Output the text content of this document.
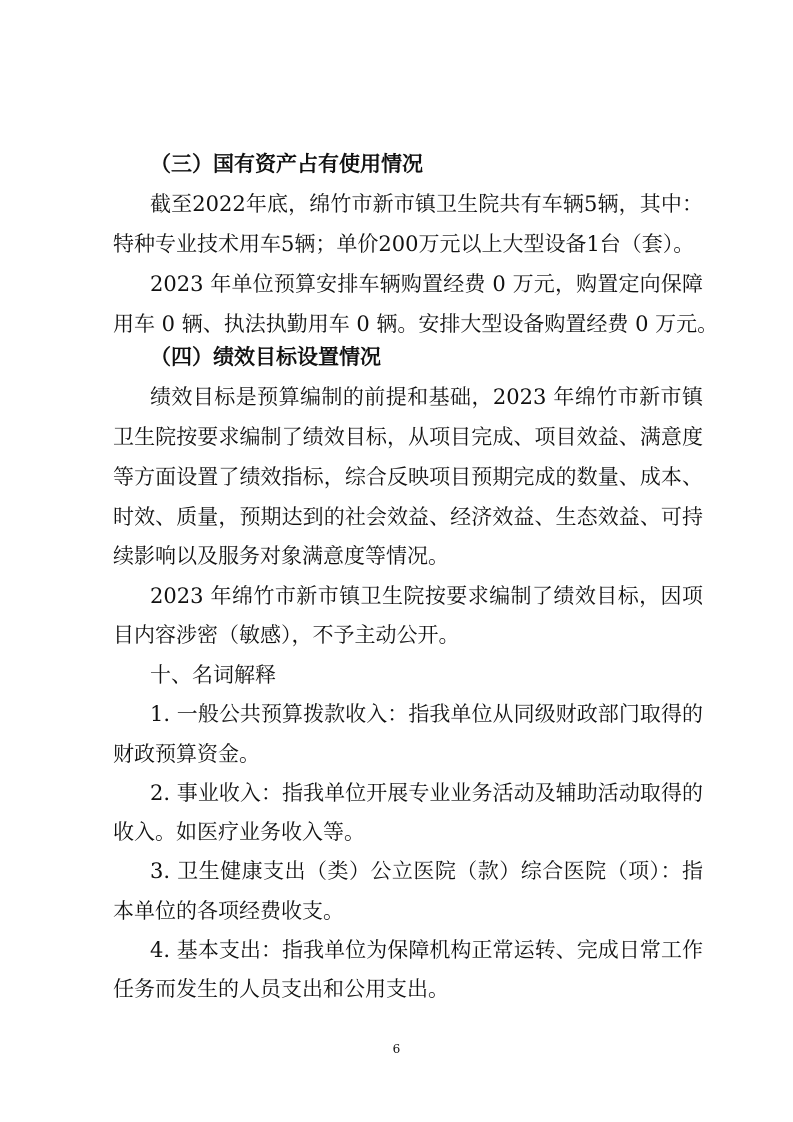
（三）国有资产占有使用情况
截至2022年底，绵竹市新市镇卫生院共有车辆5辆，其中：
特种专业技术用车5辆；单价200万元以上大型设备1台（套）。
2023 年单位预算安排车辆购置经费 0 万元，购置定向保障
用车 0 辆、执法执勤用车 0 辆。安排大型设备购置经费 0 万元。
（四）绩效目标设置情况
绩效目标是预算编制的前提和基础，2023 年绵竹市新市镇
卫生院按要求编制了绩效目标，从项目完成、项目效益、满意度
等方面设置了绩效指标，综合反映项目预期完成的数量、成本、
时效、质量，预期达到的社会效益、经济效益、生态效益、可持
续影响以及服务对象满意度等情况。
2023 年绵竹市新市镇卫生院按要求编制了绩效目标，因项
目内容涉密（敏感），不予主动公开。
十、名词解释
1. 一般公共预算拨款收入：指我单位从同级财政部门取得的
财政预算资金。
2. 事业收入：指我单位开展专业业务活动及辅助活动取得的
收入。如医疗业务收入等。
3. 卫生健康支出（类）公立医院（款）综合医院（项）：指
本单位的各项经费收支。
4. 基本支出：指我单位为保障机构正常运转、完成日常工作
任务而发生的人员支出和公用支出。
6
